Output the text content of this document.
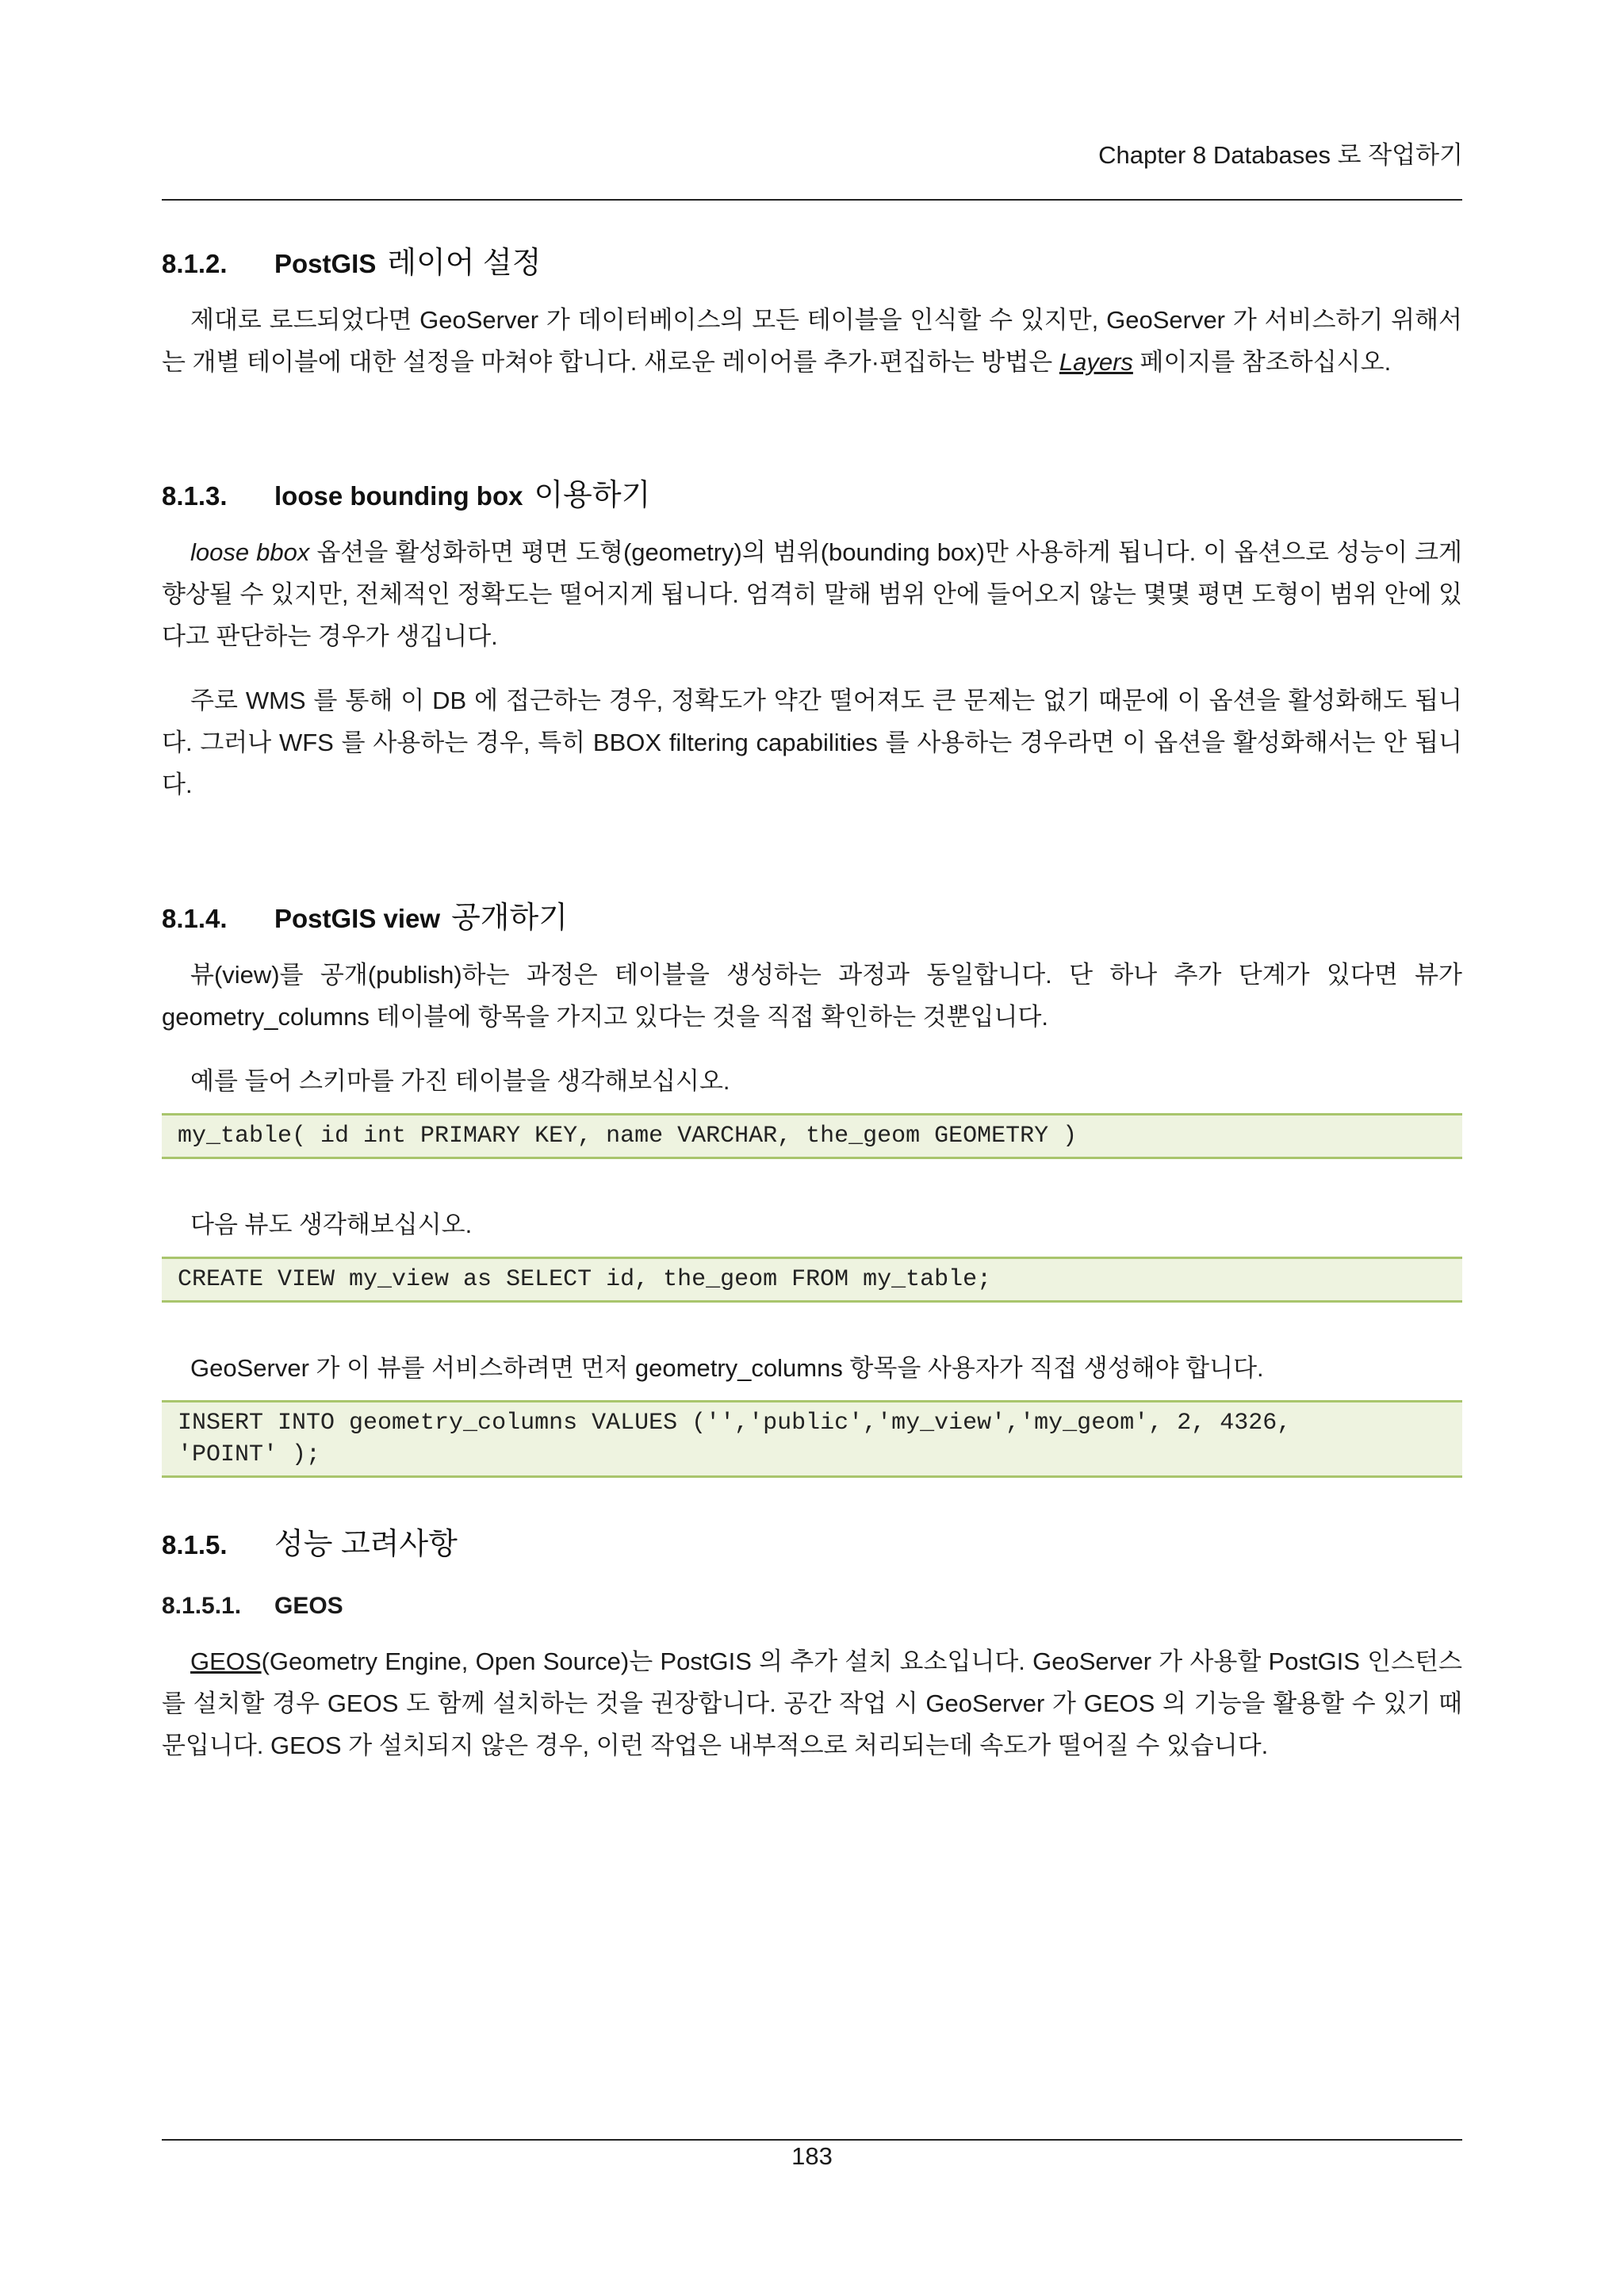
Chapter 8 Databases 로 작업하기
8.1.2.	PostGIS 레이어 설정

제대로 로드되었다면 GeoServer 가 데이터베이스의 모든 테이블을 인식할 수 있지만, GeoServer 가 서비스하기 위해서는 개별 테이블에 대한 설정을 마쳐야 합니다. 새로운 레이어를 추가·편집하는 방법은 Layers 페이지를 참조하십시오.

8.1.3.	loose bounding box 이용하기

loose bbox 옵션을 활성화하면 평면 도형(geometry)의 범위(bounding box)만 사용하게 됩니다. 이 옵션으로 성능이 크게 향상될 수 있지만, 전체적인 정확도는 떨어지게 됩니다. 엄격히 말해 범위 안에 들어오지 않는 몇몇 평면 도형이 범위 안에 있다고 판단하는 경우가 생깁니다.

주로 WMS 를 통해 이 DB 에 접근하는 경우, 정확도가 약간 떨어져도 큰 문제는 없기 때문에 이 옵션을 활성화해도 됩니다. 그러나 WFS 를 사용하는 경우, 특히 BBOX filtering capabilities 를 사용하는 경우라면 이 옵션을 활성화해서는 안 됩니다.

8.1.4.	PostGIS view 공개하기

뷰(view)를 공개(publish)하는 과정은 테이블을 생성하는 과정과 동일합니다. 단 하나 추가 단계가 있다면 뷰가 geometry_columns 테이블에 항목을 가지고 있다는 것을 직접 확인하는 것뿐입니다.

예를 들어 스키마를 가진 테이블을 생각해보십시오.

my_table( id int PRIMARY KEY, name VARCHAR, the_geom GEOMETRY )

다음 뷰도 생각해보십시오.

CREATE VIEW my_view as SELECT id, the_geom FROM my_table;

GeoServer 가 이 뷰를 서비스하려면 먼저 geometry_columns 항목을 사용자가 직접 생성해야 합니다.

INSERT INTO geometry_columns VALUES ('','public','my_view','my_geom', 2, 4326,
'POINT' );
8.1.5.	성능 고려사항
8.1.5.1.	GEOS

GEOS(Geometry Engine, Open Source)는 PostGIS 의 추가 설치 요소입니다. GeoServer 가 사용할 PostGIS 인스턴스를 설치할 경우 GEOS 도 함께 설치하는 것을 권장합니다. 공간 작업 시 GeoServer 가 GEOS 의 기능을 활용할 수 있기 때문입니다. GEOS 가 설치되지 않은 경우, 이런 작업은 내부적으로 처리되는데 속도가 떨어질 수 있습니다.

183
